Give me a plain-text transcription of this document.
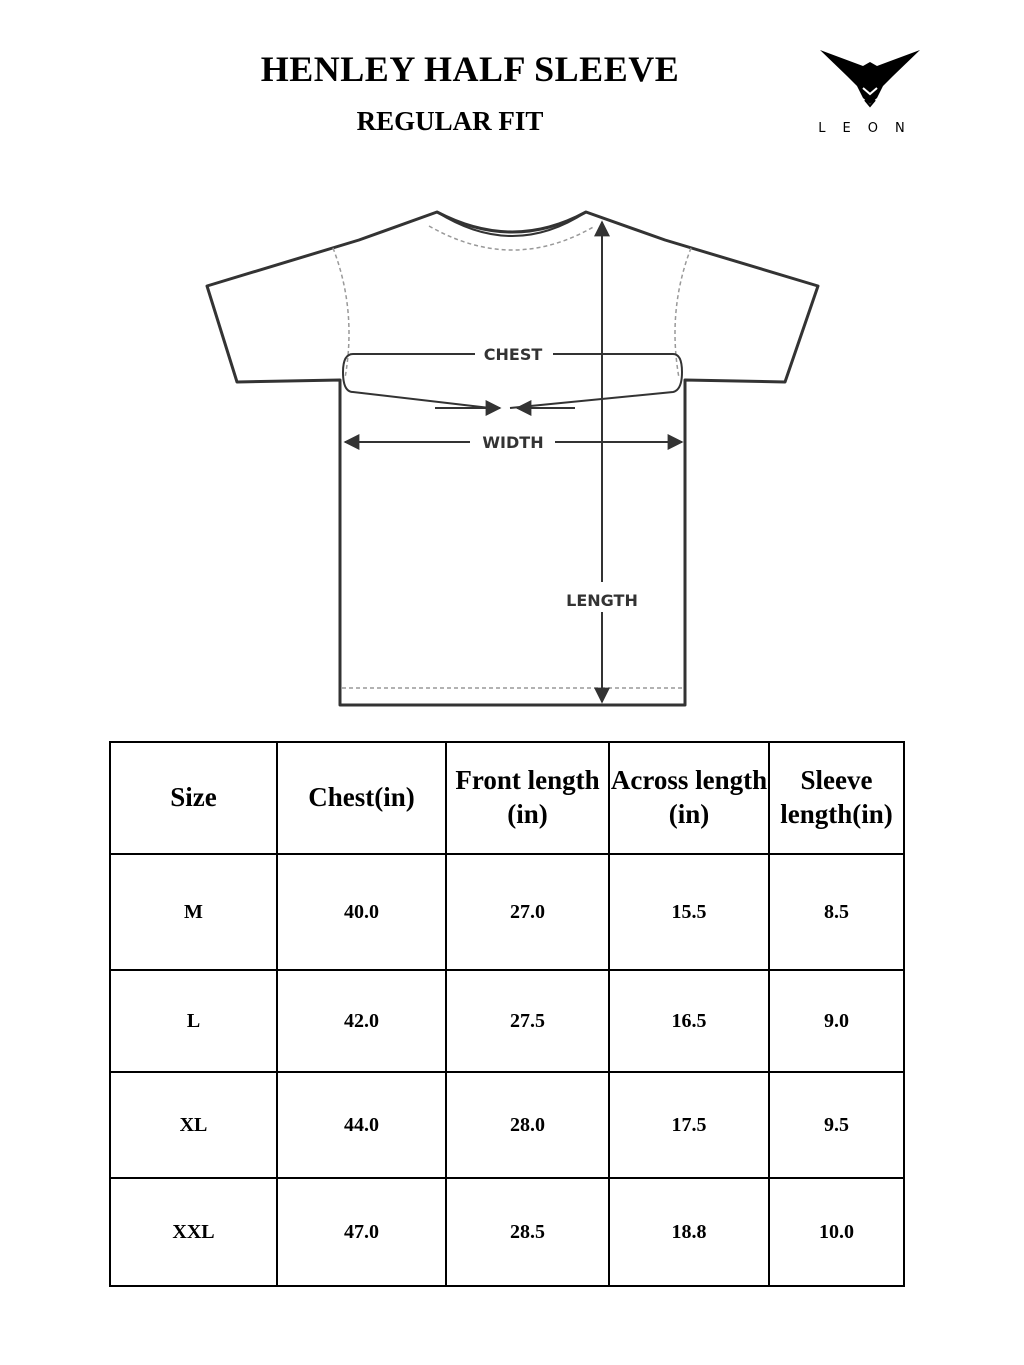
HENLEY HALF SLEEVE
REGULAR FIT	LEON
CHEST
WIDTH
LENGTH
Size	Chest(in)	Front length (in)	Across length (in)	Sleeve length(in)
M	40.0	27.0	15.5	8.5
L	42.0	27.5	16.5	9.0
XL	44.0	28.0	17.5	9.5
XXL	47.0	28.5	18.8	10.0
